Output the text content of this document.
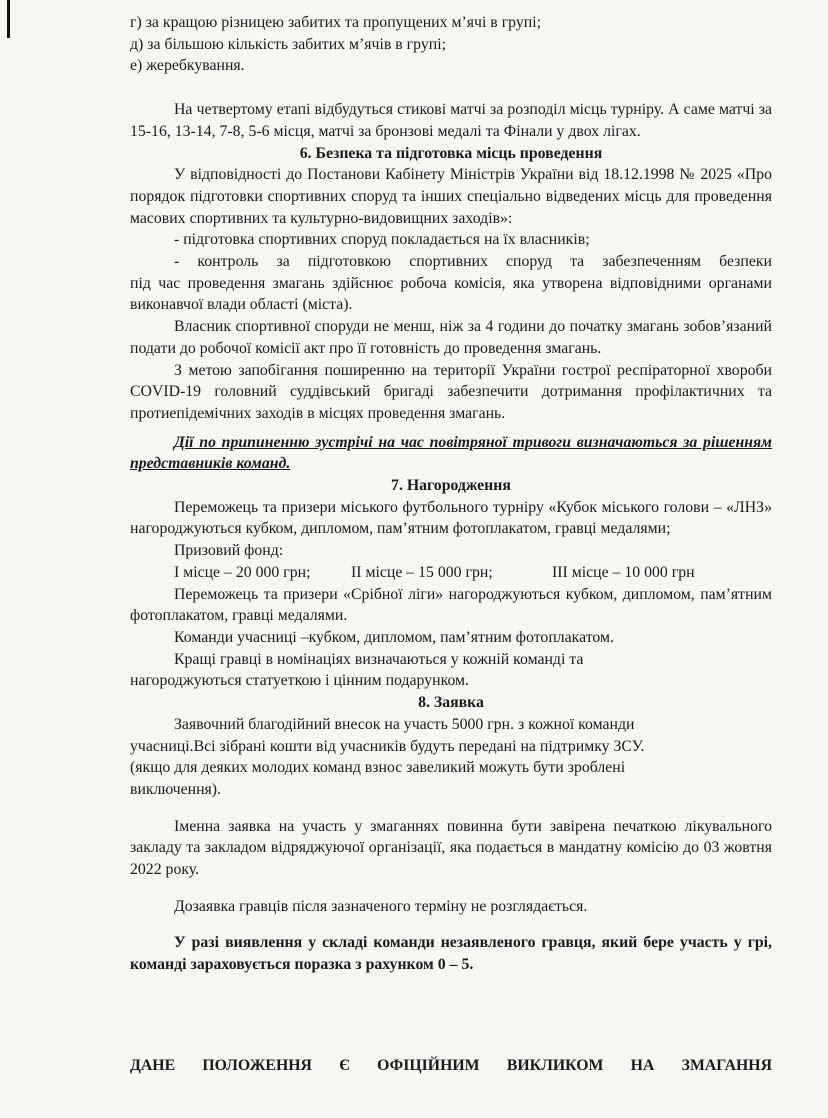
г) за кращою різницею забитих та пропущених м’ячі в групі;

д) за більшою кількість забитих м’ячів в групі;

е) жеребкування.

На четвертому етапі відбудуться стикові матчі за розподіл місць турніру. А саме матчі за 15-16, 13-14, 7-8, 5-6 місця, матчі за бронзові медалі та Фінали у двох лігах.

6. Безпека та підготовка місць проведення

У відповідності до Постанови Кабінету Міністрів України від 18.12.1998 № 2025 «Про порядок підготовки спортивних споруд та інших спеціально відведених місць для проведення масових спортивних та культурно-видовищних заходів»:

- підготовка спортивних споруд покладається на їх власників;

- контроль за підготовкою спортивних споруд та забезпеченням безпеки

під час проведення змагань здійснює робоча комісія, яка утворена відповідними органами виконавчої влади області (міста).

Власник спортивної споруди не менш, ніж за 4 години до початку змагань зобов’язаний подати до робочої комісії акт про її готовність до проведення змагань.

З метою запобігання поширенню на території України гострої респіраторної хвороби COVID-19 головний суддівський бригаді забезпечити дотримання профілактичних та протиепідемічних заходів в місцях проведення змагань.

Дії по припиненню зустрічі на час повітряної тривоги визначаються за рішенням представників команд.

7. Нагородження

Переможець та призери міського футбольного турніру «Кубок міського голови – «ЛНЗ» нагороджуються кубком, дипломом, пам’ятним фотоплакатом, гравці медалями;

Призовий фонд:

I місце – 20 000 грн;	II місце – 15 000 грн;	III місце – 10 000 грн

Переможець та призери «Срібної ліги» нагороджуються кубком, дипломом, пам’ятним фотоплакатом, гравці медалями.

Команди учасниці –кубком, дипломом, пам’ятним фотоплакатом.

Кращі гравці в номінаціях визначаються у кожній команді та

нагороджуються статуеткою і цінним подарунком.

8. Заявка

Заявочний благодійний внесок на участь 5000 грн. з кожної команди

учасниці.Всі зібрані кошти від учасників будуть передані на підтримку ЗСУ.

(якщо для деяких молодих команд взнос завеликий можуть бути зроблені

виключення).

Іменна заявка на участь у змаганнях повинна бути завірена печаткою лікувального закладу та закладом відряджуючої організації, яка подається в мандатну комісію до 03 жовтня 2022 року.

Дозаявка гравців після зазначеного терміну не розглядається.

У разі виявлення у складі команди незаявленого гравця, який бере участь у грі, команді зараховується поразка з рахунком 0 – 5.

ДАНЕ ПОЛОЖЕННЯ Є ОФІЦІЙНИМ ВИКЛИКОМ НА ЗМАГАННЯ
